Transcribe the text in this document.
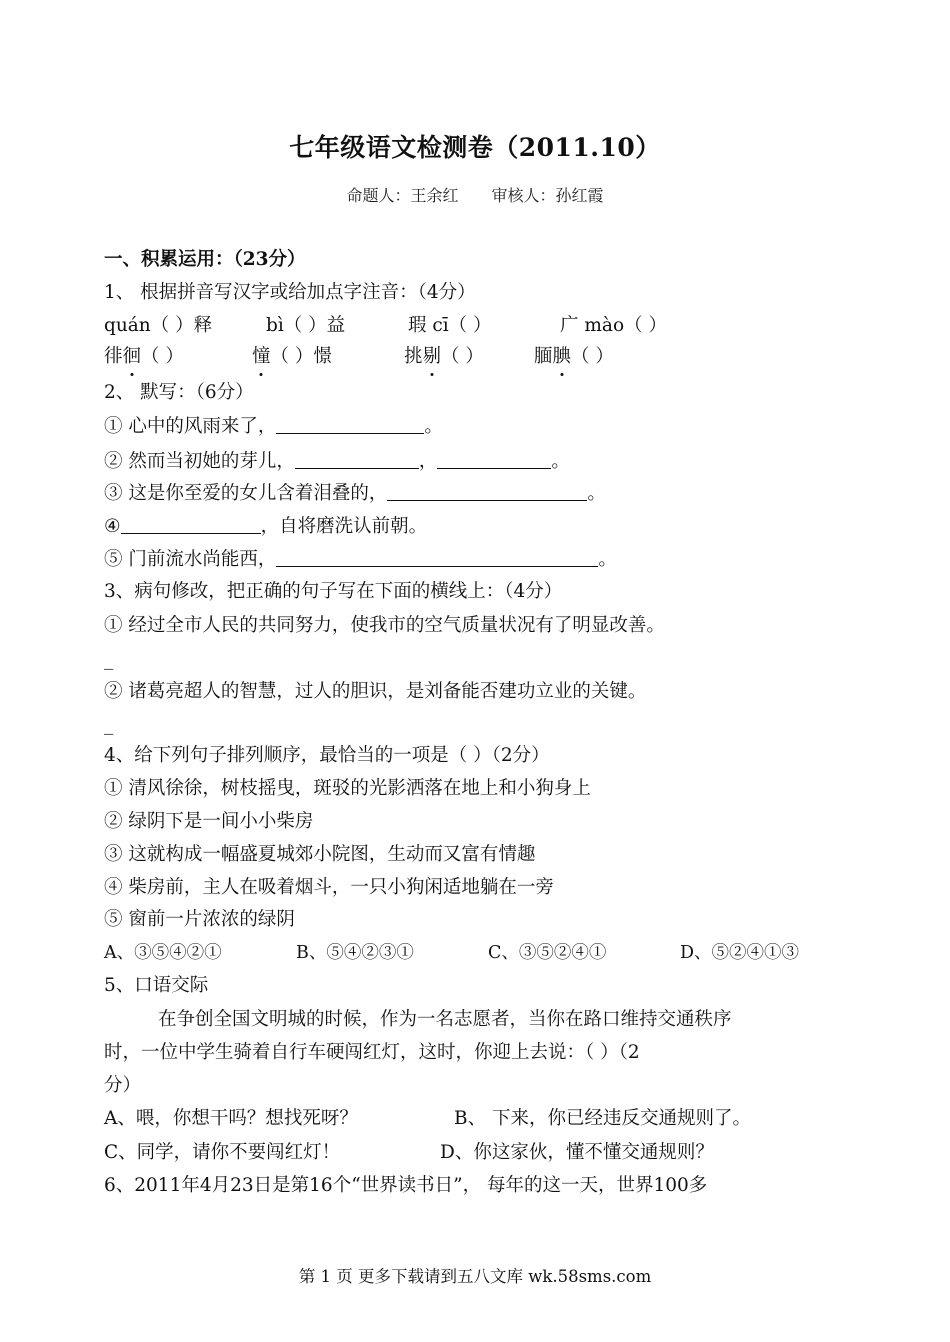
七年级语文检测卷（2011.10）
命题人：王余红 审核人：孙红霞
一、积累运用：（23分）
1、 根据拼音写汉字或给加点字注音：（4分）
quán（ ）释	bì（ ）益	瑕 cī（ ）	广 mào（ ）
徘徊（ ）	憧（ ）憬	挑剔（ ）	腼腆（ ）
2、 默写：（6分）
① 心中的风雨来了，	。
② 然而当初她的芽儿，	，	。
③ 这是你至爱的女儿含着泪叠的，	。
④	，自将磨洗认前朝。
⑤ 门前流水尚能西，	。
3、病句修改，把正确的句子写在下面的横线上：（4分）
① 经过全市人民的共同努力，使我市的空气质量状况有了明显改善。
_
② 诸葛亮超人的智慧，过人的胆识，是刘备能否建功立业的关键。
_
4、给下列句子排列顺序，最恰当的一项是（ ）（2分）
① 清风徐徐，树枝摇曳，斑驳的光影洒落在地上和小狗身上
② 绿阴下是一间小小柴房
③ 这就构成一幅盛夏城郊小院图，生动而又富有情趣
④ 柴房前，主人在吸着烟斗，一只小狗闲适地躺在一旁
⑤ 窗前一片浓浓的绿阴
A、③⑤④②①	B、⑤④②③①	C、③⑤②④①	D、⑤②④①③
5、口语交际
在争创全国文明城的时候，作为一名志愿者，当你在路口维持交通秩序
时，一位中学生骑着自行车硬闯红灯，这时，你迎上去说：（ ）（2
分）
A、喂，你想干吗？想找死呀？	B、 下来，你已经违反交通规则了。
C、同学，请你不要闯红灯！	D、你这家伙，懂不懂交通规则？
6、2011年4月23日是第16个“世界读书日”， 每年的这一天，世界100多
第 1 页 更多下载请到五八文库 wk.58sms.com
